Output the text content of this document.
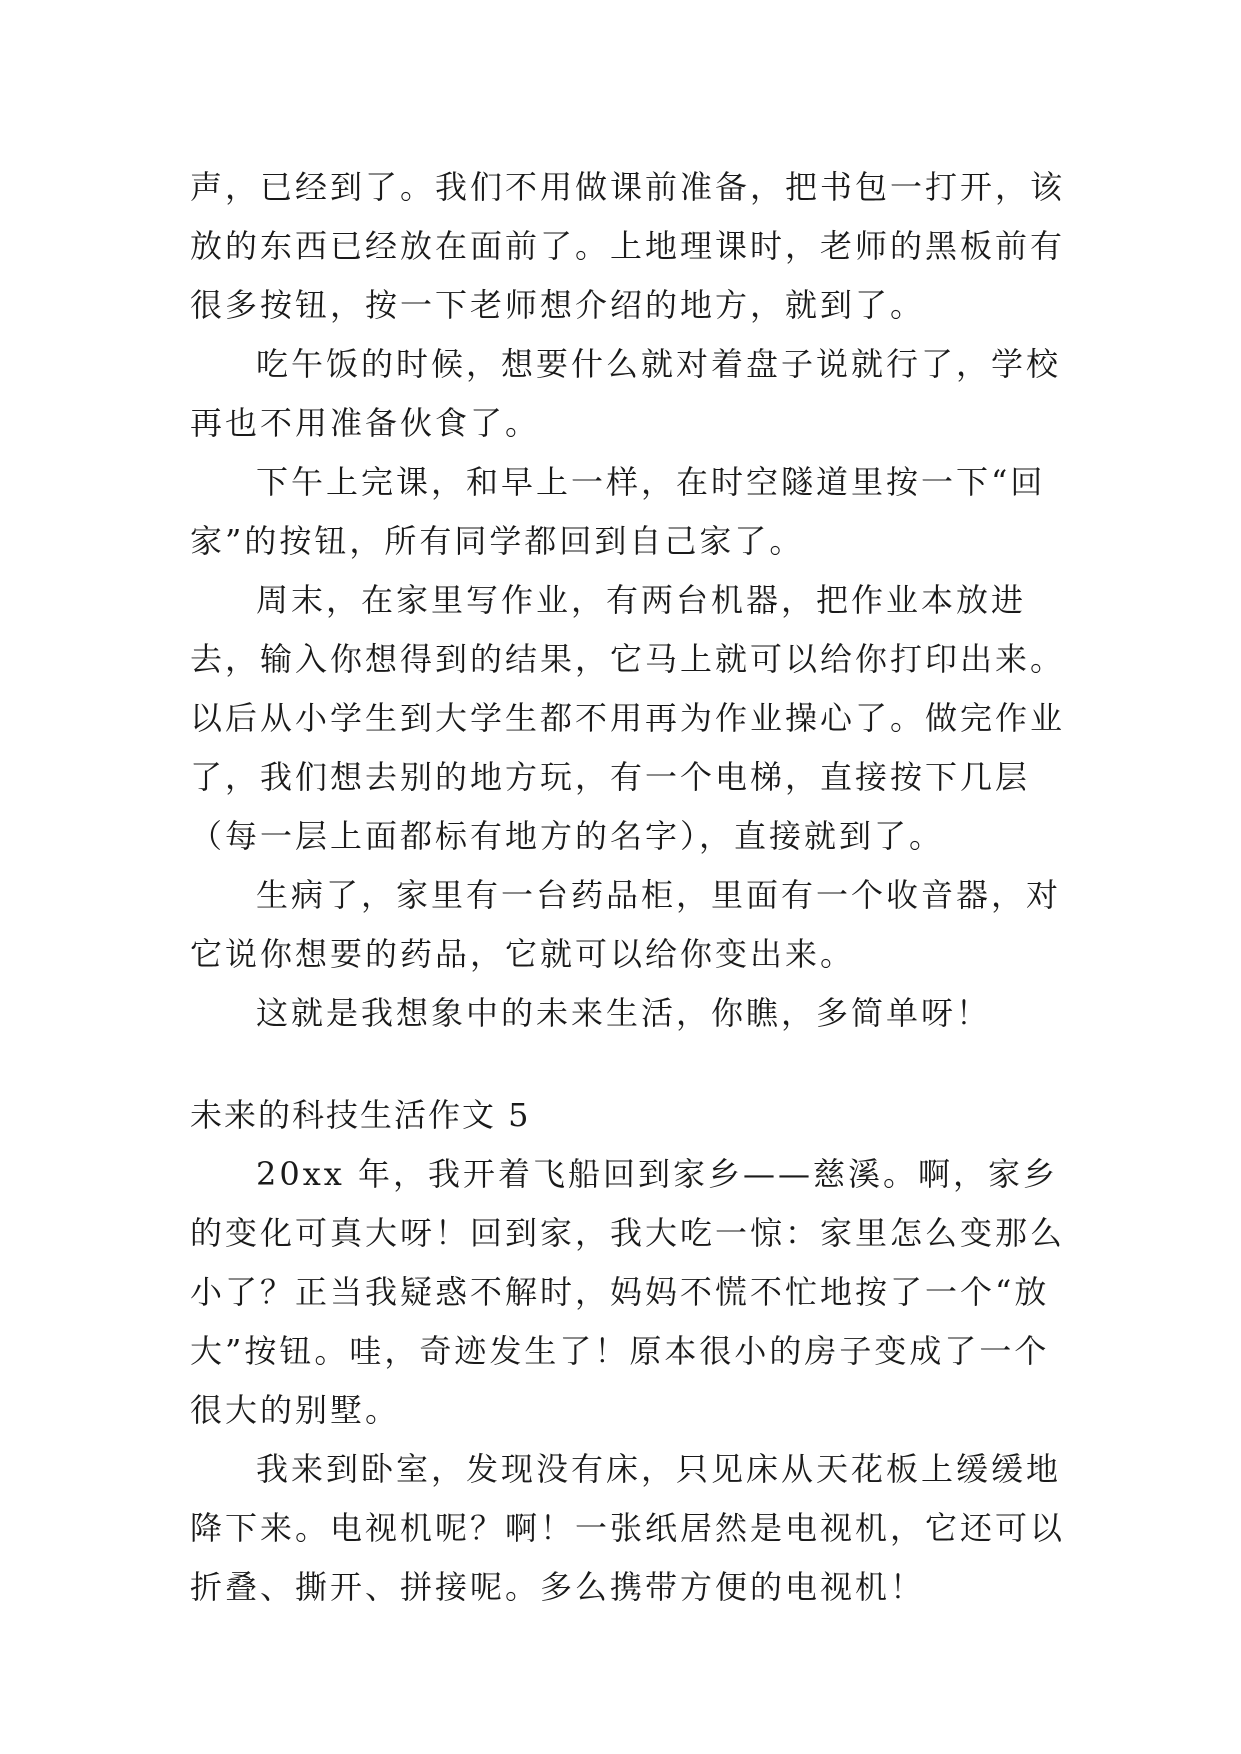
声，已经到了。我们不用做课前准备，把书包一打开，该放的东西已经放在面前了。上地理课时，老师的黑板前有很多按钮，按一下老师想介绍的地方，就到了。

吃午饭的时候，想要什么就对着盘子说就行了，学校再也不用准备伙食了。

下午上完课，和早上一样，在时空隧道里按一下“回家”的按钮，所有同学都回到自己家了。

周末，在家里写作业，有两台机器，把作业本放进去，输入你想得到的结果，它马上就可以给你打印出来。以后从小学生到大学生都不用再为作业操心了。做完作业了，我们想去别的地方玩，有一个电梯，直接按下几层（每一层上面都标有地方的名字），直接就到了。

生病了，家里有一台药品柜，里面有一个收音器，对它说你想要的药品，它就可以给你变出来。

这就是我想象中的未来生活，你瞧，多简单呀！

未来的科技生活作文 5

20xx 年，我开着飞船回到家乡——慈溪。啊，家乡的变化可真大呀！回到家，我大吃一惊：家里怎么变那么小了？正当我疑惑不解时，妈妈不慌不忙地按了一个“放大”按钮。哇，奇迹发生了！原本很小的房子变成了一个很大的别墅。

我来到卧室，发现没有床，只见床从天花板上缓缓地降下来。电视机呢？啊！一张纸居然是电视机，它还可以折叠、撕开、拼接呢。多么携带方便的电视机！
